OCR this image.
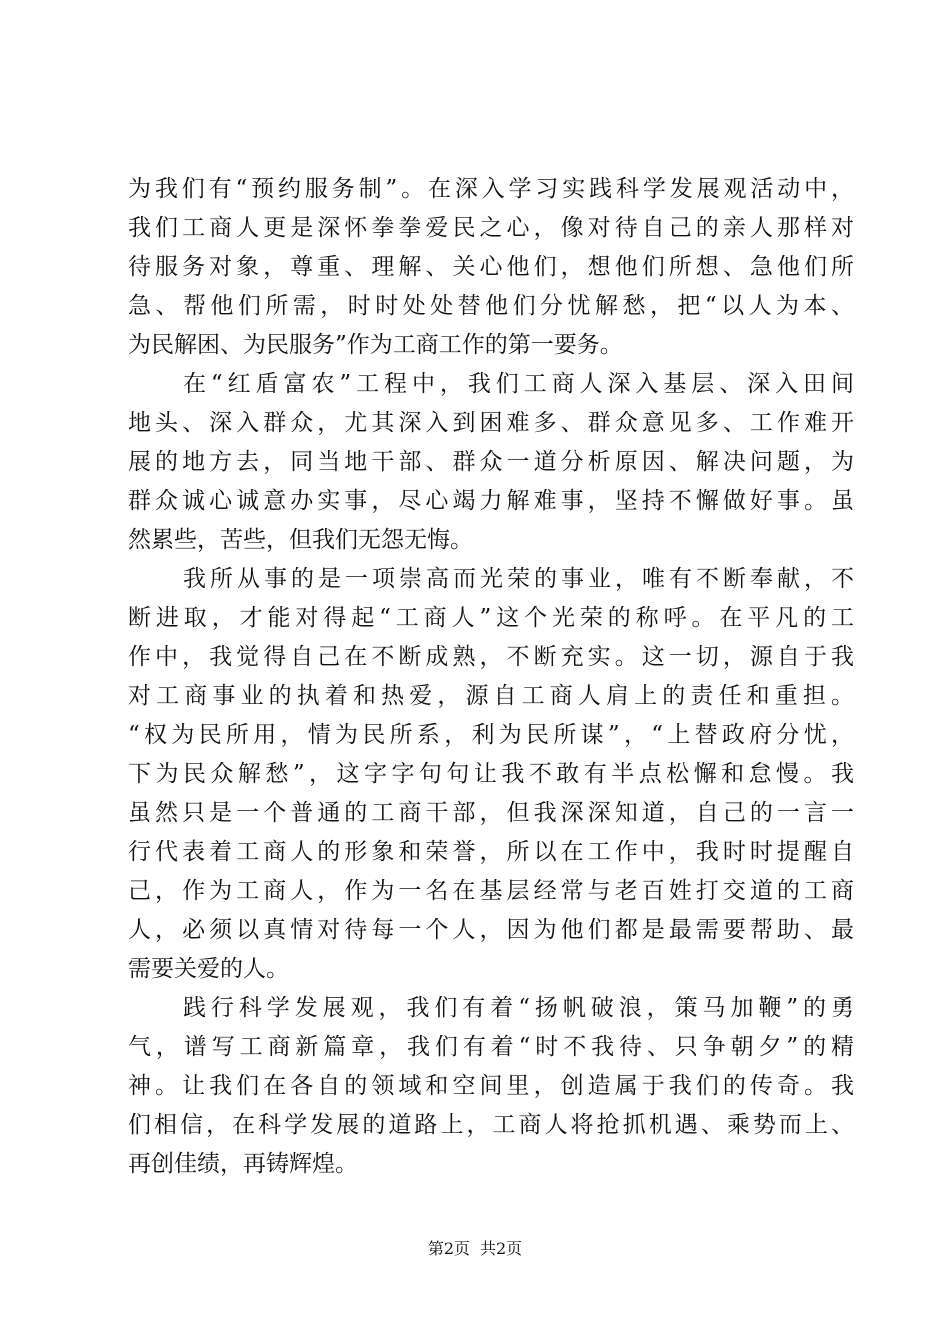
为我们有“预约服务制”。在深入学习实践科学发展观活动中，
我们工商人更是深怀拳拳爱民之心，像对待自己的亲人那样对
待服务对象，尊重、理解、关心他们，想他们所想、急他们所
急、帮他们所需，时时处处替他们分忧解愁，把“以人为本、
为民解困、为民服务”作为工商工作的第一要务。
在“红盾富农”工程中，我们工商人深入基层、深入田间
地头、深入群众，尤其深入到困难多、群众意见多、工作难开
展的地方去，同当地干部、群众一道分析原因、解决问题，为
群众诚心诚意办实事，尽心竭力解难事，坚持不懈做好事。虽
然累些，苦些，但我们无怨无悔。
我所从事的是一项崇高而光荣的事业，唯有不断奉献，不
断进取，才能对得起“工商人”这个光荣的称呼。在平凡的工
作中，我觉得自己在不断成熟，不断充实。这一切，源自于我
对工商事业的执着和热爱，源自工商人肩上的责任和重担。
“权为民所用，情为民所系，利为民所谋”，“上替政府分忧，
下为民众解愁”，这字字句句让我不敢有半点松懈和怠慢。我
虽然只是一个普通的工商干部，但我深深知道，自己的一言一
行代表着工商人的形象和荣誉，所以在工作中，我时时提醒自
己，作为工商人，作为一名在基层经常与老百姓打交道的工商
人，必须以真情对待每一个人，因为他们都是最需要帮助、最
需要关爱的人。
践行科学发展观，我们有着“扬帆破浪，策马加鞭”的勇
气，谱写工商新篇章，我们有着“时不我待、只争朝夕”的精
神。让我们在各自的领域和空间里，创造属于我们的传奇。我
们相信，在科学发展的道路上，工商人将抢抓机遇、乘势而上、
再创佳绩，再铸辉煌。
第2页 共2页
